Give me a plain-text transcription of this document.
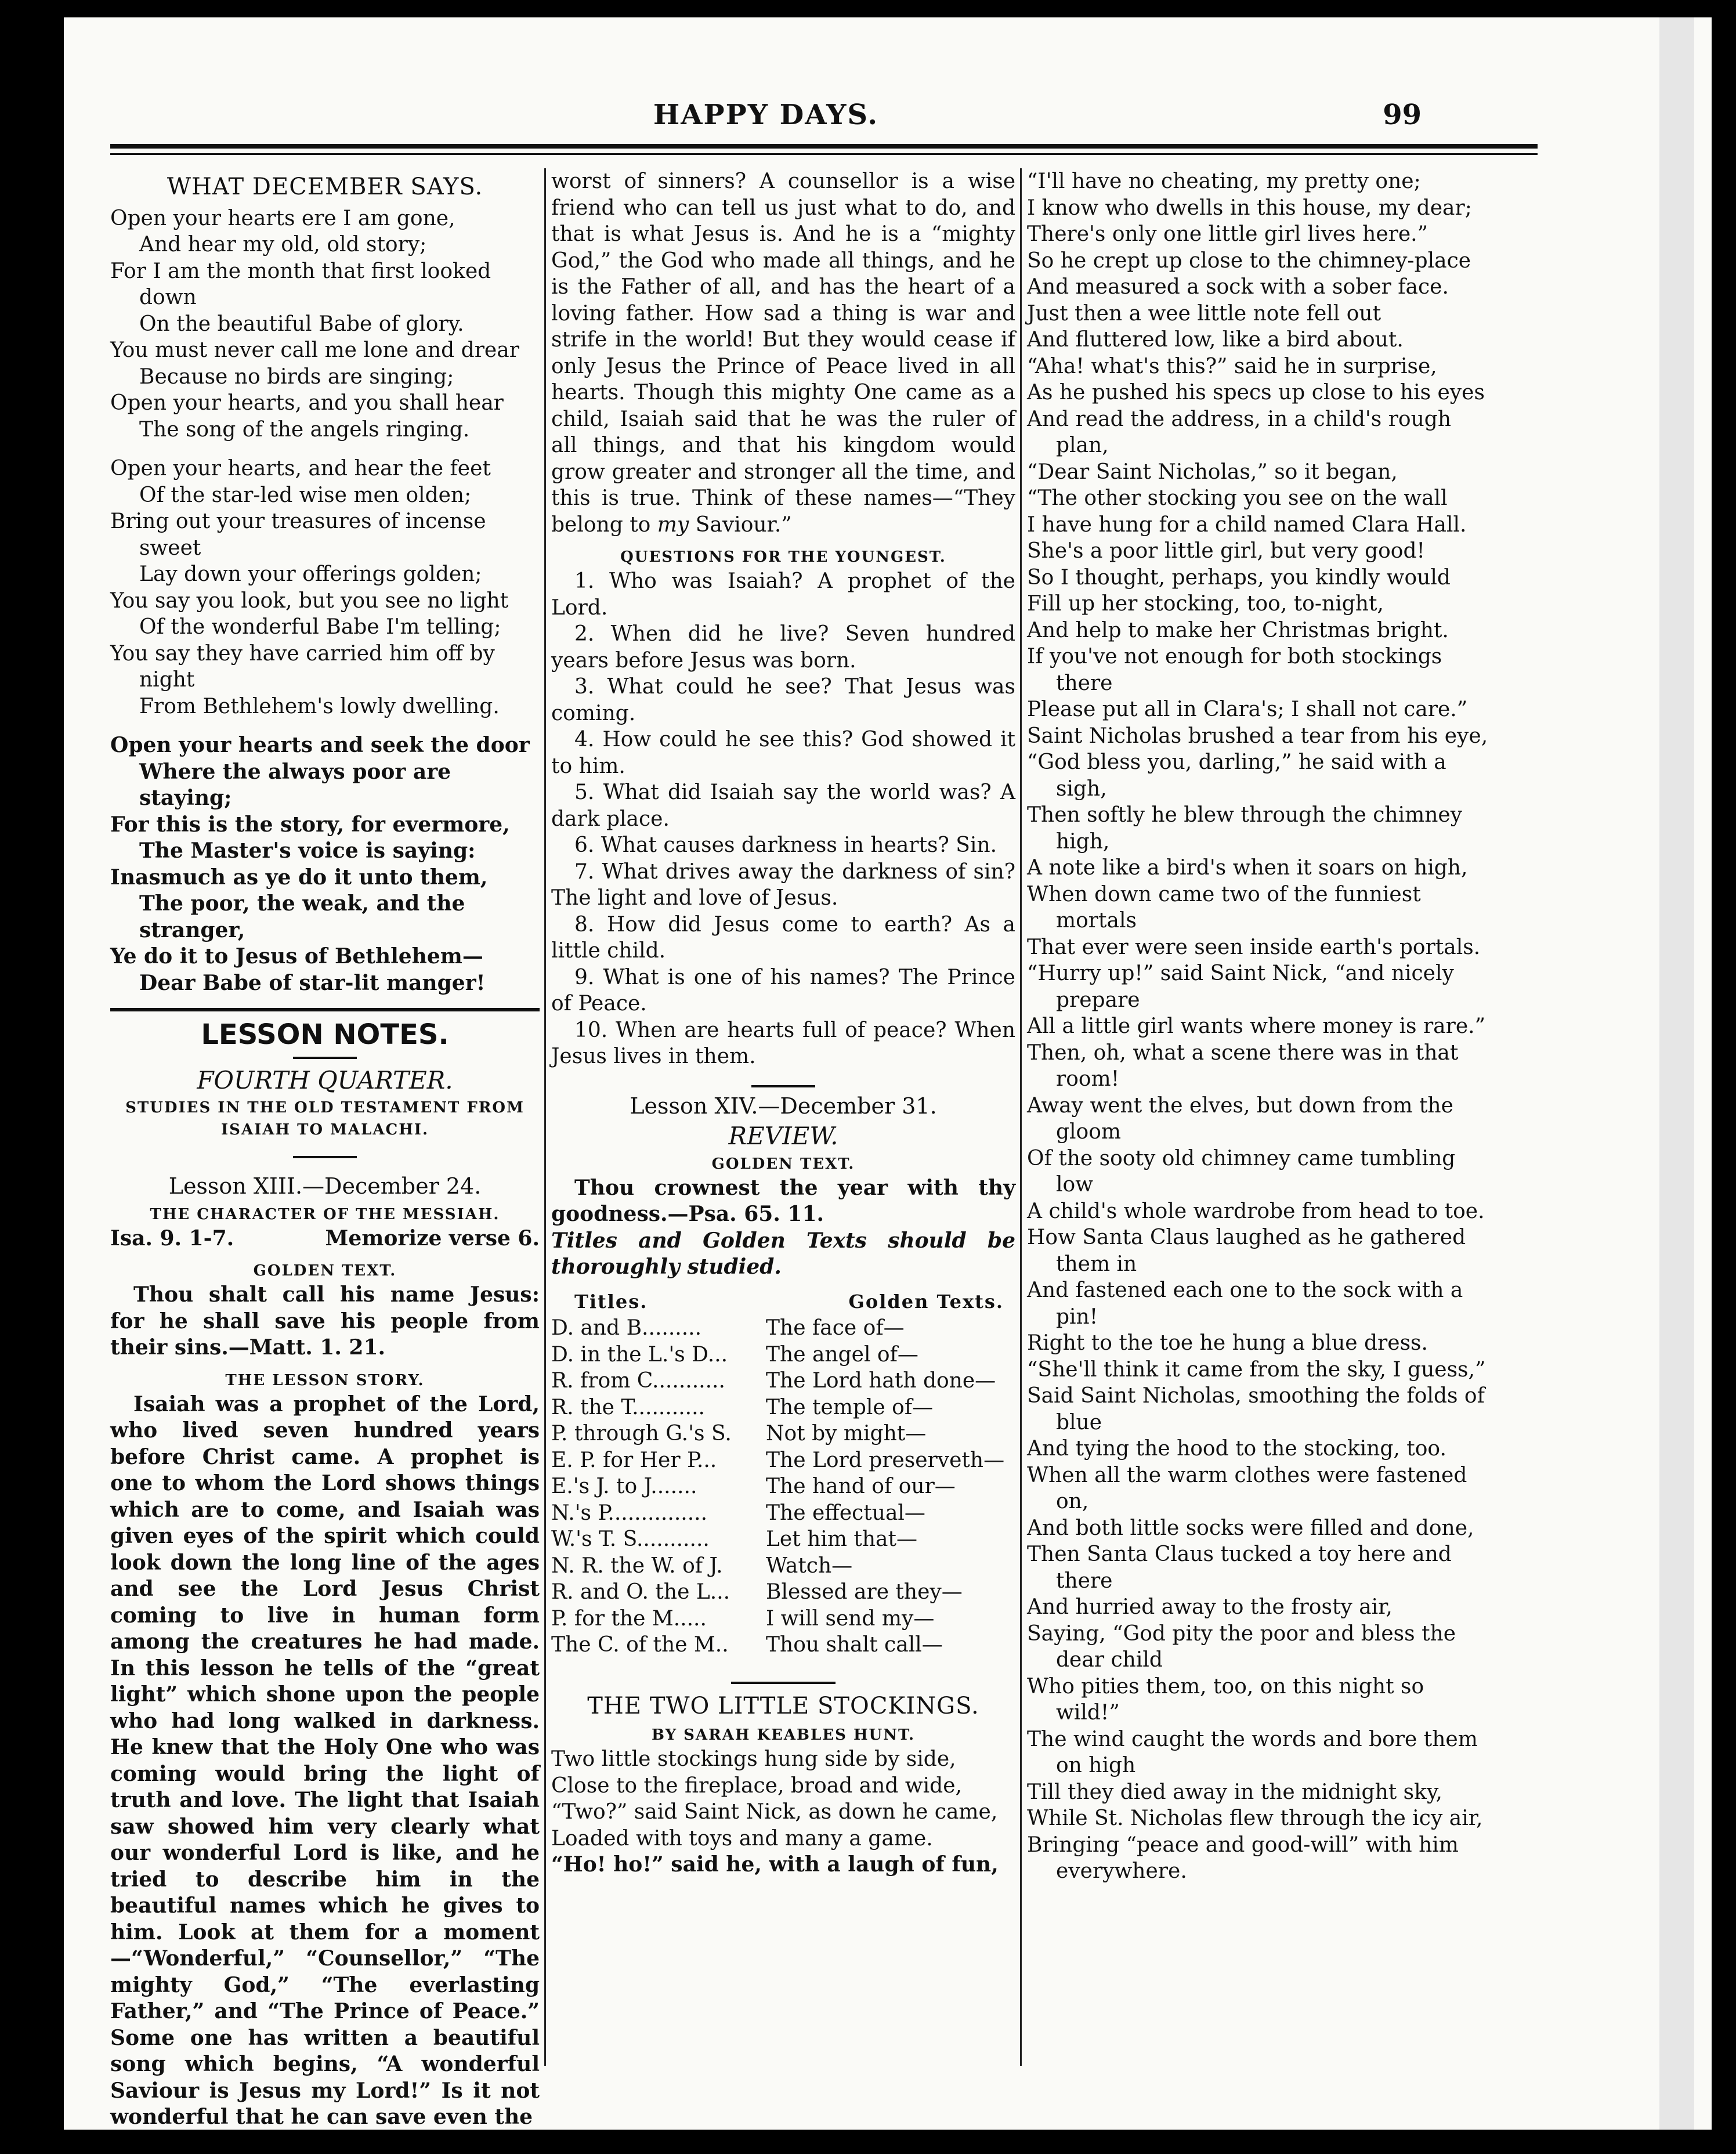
HAPPY DAYS.	99
WHAT DECEMBER SAYS.
Open your hearts ere I am gone,
And hear my old, old story;
For I am the month that first looked down
On the beautiful Babe of glory.
You must never call me lone and drear
Because no birds are singing;
Open your hearts, and you shall hear
The song of the angels ringing.
Open your hearts, and hear the feet
Of the star-led wise men olden;
Bring out your treasures of incense sweet
Lay down your offerings golden;
You say you look, but you see no light
Of the wonderful Babe I'm telling;
You say they have carried him off by night
From Bethlehem's lowly dwelling.
Open your hearts and seek the door
Where the always poor are staying;
For this is the story, for evermore,
The Master's voice is saying:
Inasmuch as ye do it unto them,
The poor, the weak, and the stranger,
Ye do it to Jesus of Bethlehem—
Dear Babe of star-lit manger!
LESSON NOTES.
FOURTH QUARTER.
STUDIES IN THE OLD TESTAMENT FROM ISAIAH TO MALACHI.
Lesson XIII.—December 24.
THE CHARACTER OF THE MESSIAH.
Isa. 9. 1-7.	Memorize verse 6.
GOLDEN TEXT.
Thou shalt call his name Jesus: for he shall save his people from their sins.—Matt. 1. 21.
THE LESSON STORY.
Isaiah was a prophet of the Lord, who lived seven hundred years before Christ came. A prophet is one to whom the Lord shows things which are to come, and Isaiah was given eyes of the spirit which could look down the long line of the ages and see the Lord Jesus Christ coming to live in human form among the creatures he had made. In this lesson he tells of the “great light” which shone upon the people who had long walked in darkness. He knew that the Holy One who was coming would bring the light of truth and love. The light that Isaiah saw showed him very clearly what our wonderful Lord is like, and he tried to describe him in the beautiful names which he gives to him. Look at them for a moment—“Wonderful,” “Counsellor,” “The mighty God,” “The everlasting Father,” and “The Prince of Peace.” Some one has written a beautiful song which begins, “A wonderful Saviour is Jesus my Lord!” Is it not wonderful that he can save even the
worst of sinners? A counsellor is a wise friend who can tell us just what to do, and that is what Jesus is. And he is a “mighty God,” the God who made all things, and he is the Father of all, and has the heart of a loving father. How sad a thing is war and strife in the world! But they would cease if only Jesus the Prince of Peace lived in all hearts. Though this mighty One came as a child, Isaiah said that he was the ruler of all things, and that his kingdom would grow greater and stronger all the time, and this is true. Think of these names—“They belong to my Saviour.”
QUESTIONS FOR THE YOUNGEST.
1. Who was Isaiah? A prophet of the Lord.
2. When did he live? Seven hundred years before Jesus was born.
3. What could he see? That Jesus was coming.
4. How could he see this? God showed it to him.
5. What did Isaiah say the world was? A dark place.
6. What causes darkness in hearts? Sin.
7. What drives away the darkness of sin? The light and love of Jesus.
8. How did Jesus come to earth? As a little child.
9. What is one of his names? The Prince of Peace.
10. When are hearts full of peace? When Jesus lives in them.
Lesson XIV.—December 31.
REVIEW.
GOLDEN TEXT.
Thou crownest the year with thy goodness.—Psa. 65. 11.
Titles and Golden Texts should be thoroughly studied.
Titles.	Golden Texts.
D. and B.........	The face of—
D. in the L.'s D...	The angel of—
R. from C...........	The Lord hath done—
R. the T...........	The temple of—
P. through G.'s S.	Not by might—
E. P. for Her P...	The Lord preserveth—
E.'s J. to J.......	The hand of our—
N.'s P...............	The effectual—
W.'s T. S...........	Let him that—
N. R. the W. of J.	Watch—
R. and O. the L...	Blessed are they—
P. for the M.....	I will send my—
The C. of the M..	Thou shalt call—
THE TWO LITTLE STOCKINGS.
BY SARAH KEABLES HUNT.
Two little stockings hung side by side,
Close to the fireplace, broad and wide,
“Two?” said Saint Nick, as down he came,
Loaded with toys and many a game.
“Ho! ho!” said he, with a laugh of fun,
“I'll have no cheating, my pretty one;
I know who dwells in this house, my dear;
There's only one little girl lives here.”
So he crept up close to the chimney-place
And measured a sock with a sober face.
Just then a wee little note fell out
And fluttered low, like a bird about.
“Aha! what's this?” said he in surprise,
As he pushed his specs up close to his eyes
And read the address, in a child's rough plan,
“Dear Saint Nicholas,” so it began,
“The other stocking you see on the wall
I have hung for a child named Clara Hall.
She's a poor little girl, but very good!
So I thought, perhaps, you kindly would
Fill up her stocking, too, to-night,
And help to make her Christmas bright.
If you've not enough for both stockings there
Please put all in Clara's; I shall not care.”
Saint Nicholas brushed a tear from his eye,
“God bless you, darling,” he said with a sigh,
Then softly he blew through the chimney high,
A note like a bird's when it soars on high,
When down came two of the funniest mortals
That ever were seen inside earth's portals.
“Hurry up!” said Saint Nick, “and nicely prepare
All a little girl wants where money is rare.”
Then, oh, what a scene there was in that room!
Away went the elves, but down from the gloom
Of the sooty old chimney came tumbling low
A child's whole wardrobe from head to toe.
How Santa Claus laughed as he gathered them in
And fastened each one to the sock with a pin!
Right to the toe he hung a blue dress.
“She'll think it came from the sky, I guess,”
Said Saint Nicholas, smoothing the folds of blue
And tying the hood to the stocking, too.
When all the warm clothes were fastened on,
And both little socks were filled and done,
Then Santa Claus tucked a toy here and there
And hurried away to the frosty air,
Saying, “God pity the poor and bless the dear child
Who pities them, too, on this night so wild!”
The wind caught the words and bore them on high
Till they died away in the midnight sky,
While St. Nicholas flew through the icy air,
Bringing “peace and good-will” with him everywhere.
